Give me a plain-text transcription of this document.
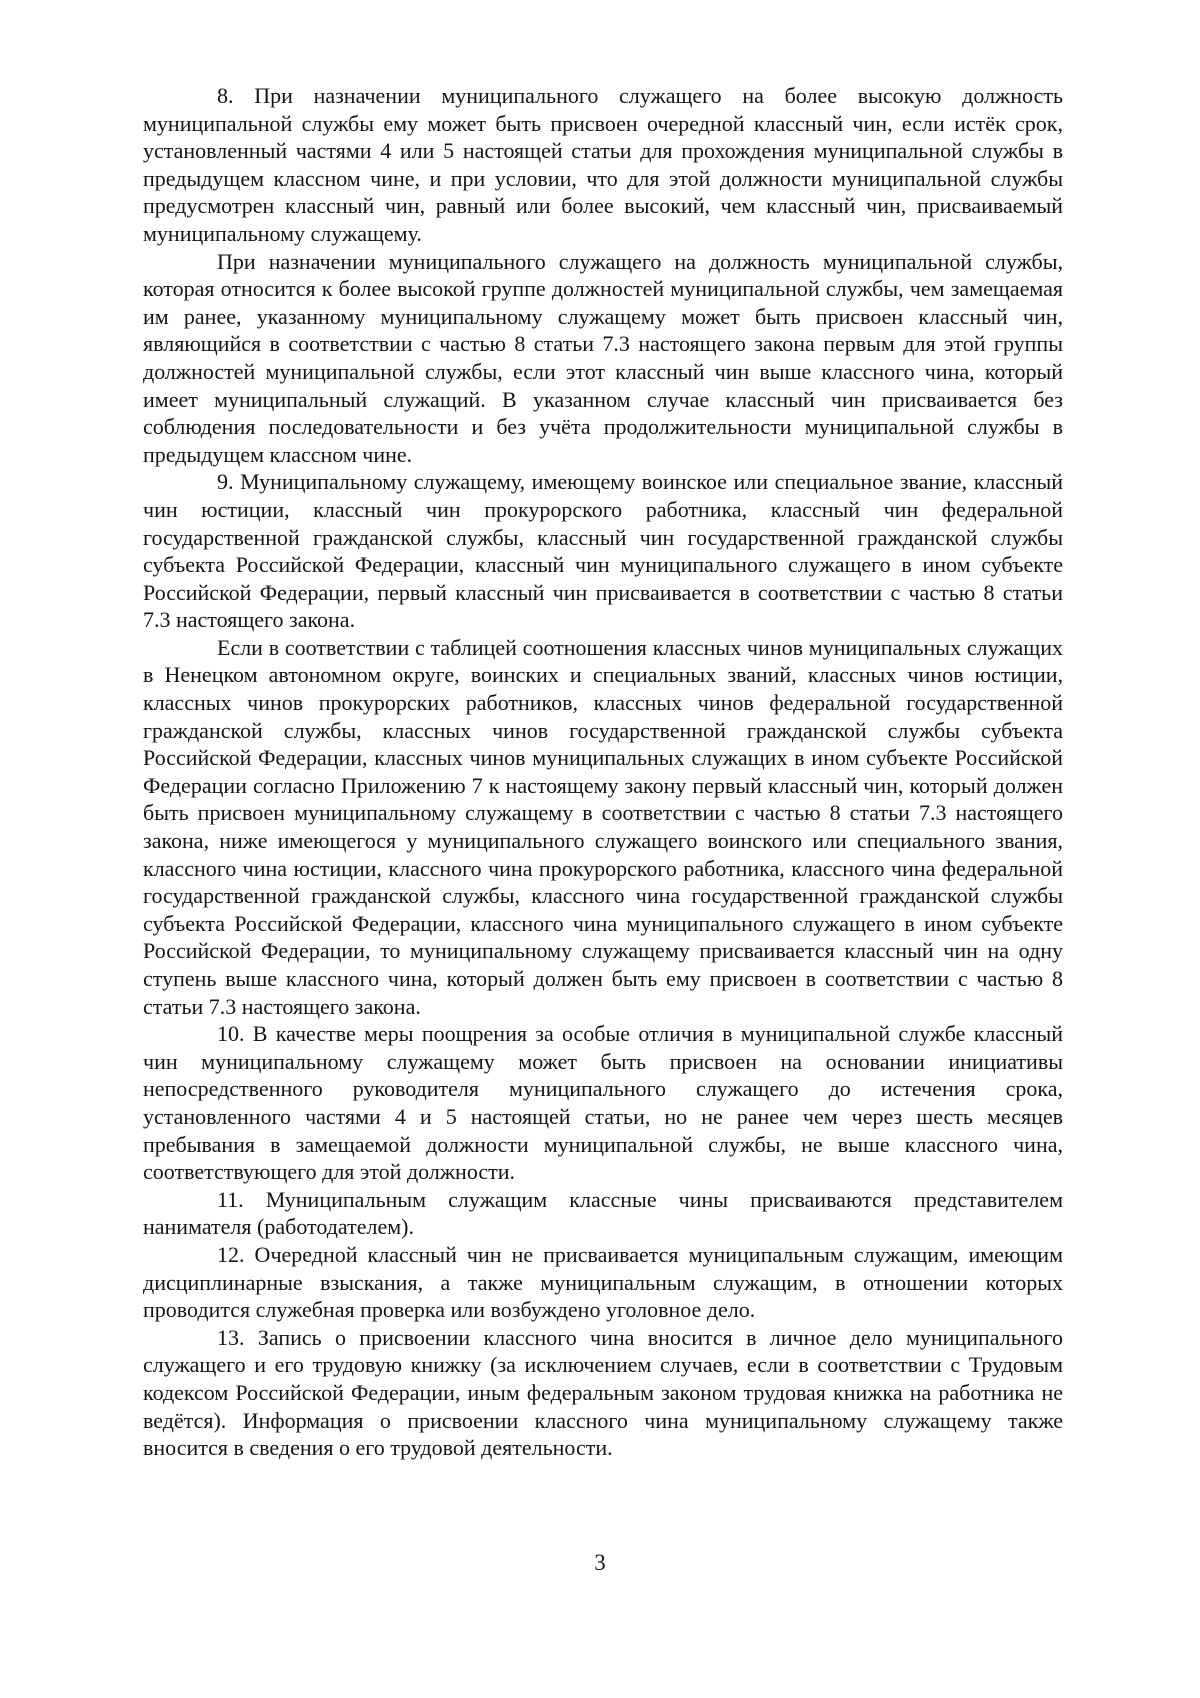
8. При назначении муниципального служащего на более высокую должность муниципальной службы ему может быть присвоен очередной классный чин, если истёк срок, установленный частями 4 или 5 настоящей статьи для прохождения муниципальной службы в предыдущем классном чине, и при условии, что для этой должности муниципальной службы предусмотрен классный чин, равный или более высокий, чем классный чин, присваиваемый муниципальному служащему.

При назначении муниципального служащего на должность муниципальной службы, которая относится к более высокой группе должностей муниципальной службы, чем замещаемая им ранее, указанному муниципальному служащему может быть присвоен классный чин, являющийся в соответствии с частью 8 статьи 7.3 настоящего закона первым для этой группы должностей муниципальной службы, если этот классный чин выше классного чина, который имеет муниципальный служащий. В указанном случае классный чин присваивается без соблюдения последовательности и без учёта продолжительности муниципальной службы в предыдущем классном чине.

9. Муниципальному служащему, имеющему воинское или специальное звание, классный чин юстиции, классный чин прокурорского работника, классный чин федеральной государственной гражданской службы, классный чин государственной гражданской службы субъекта Российской Федерации, классный чин муниципального служащего в ином субъекте Российской Федерации, первый классный чин присваивается в соответствии с частью 8 статьи 7.3 настоящего закона.

Если в соответствии с таблицей соотношения классных чинов муниципальных служащих в Ненецком автономном округе, воинских и специальных званий, классных чинов юстиции, классных чинов прокурорских работников, классных чинов федеральной государственной гражданской службы, классных чинов государственной гражданской службы субъекта Российской Федерации, классных чинов муниципальных служащих в ином субъекте Российской Федерации согласно Приложению 7 к настоящему закону первый классный чин, который должен быть присвоен муниципальному служащему в соответствии с частью 8 статьи 7.3 настоящего закона, ниже имеющегося у муниципального служащего воинского или специального звания, классного чина юстиции, классного чина прокурорского работника, классного чина федеральной государственной гражданской службы, классного чина государственной гражданской службы субъекта Российской Федерации, классного чина муниципального служащего в ином субъекте Российской Федерации, то муниципальному служащему присваивается классный чин на одну ступень выше классного чина, который должен быть ему присвоен в соответствии с частью 8 статьи 7.3 настоящего закона.

10. В качестве меры поощрения за особые отличия в муниципальной службе классный чин муниципальному служащему может быть присвоен на основании инициативы непосредственного руководителя муниципального служащего до истечения срока, установленного частями 4 и 5 настоящей статьи, но не ранее чем через шесть месяцев пребывания в замещаемой должности муниципальной службы, не выше классного чина, соответствующего для этой должности.

11. Муниципальным служащим классные чины присваиваются представителем нанимателя (работодателем).

12. Очередной классный чин не присваивается муниципальным служащим, имеющим дисциплинарные взыскания, а также муниципальным служащим, в отношении которых проводится служебная проверка или возбуждено уголовное дело.

13. Запись о присвоении классного чина вносится в личное дело муниципального служащего и его трудовую книжку (за исключением случаев, если в соответствии с Трудовым кодексом Российской Федерации, иным федеральным законом трудовая книжка на работника не ведётся). Информация о присвоении классного чина муниципальному служащему также вносится в сведения о его трудовой деятельности.

3
